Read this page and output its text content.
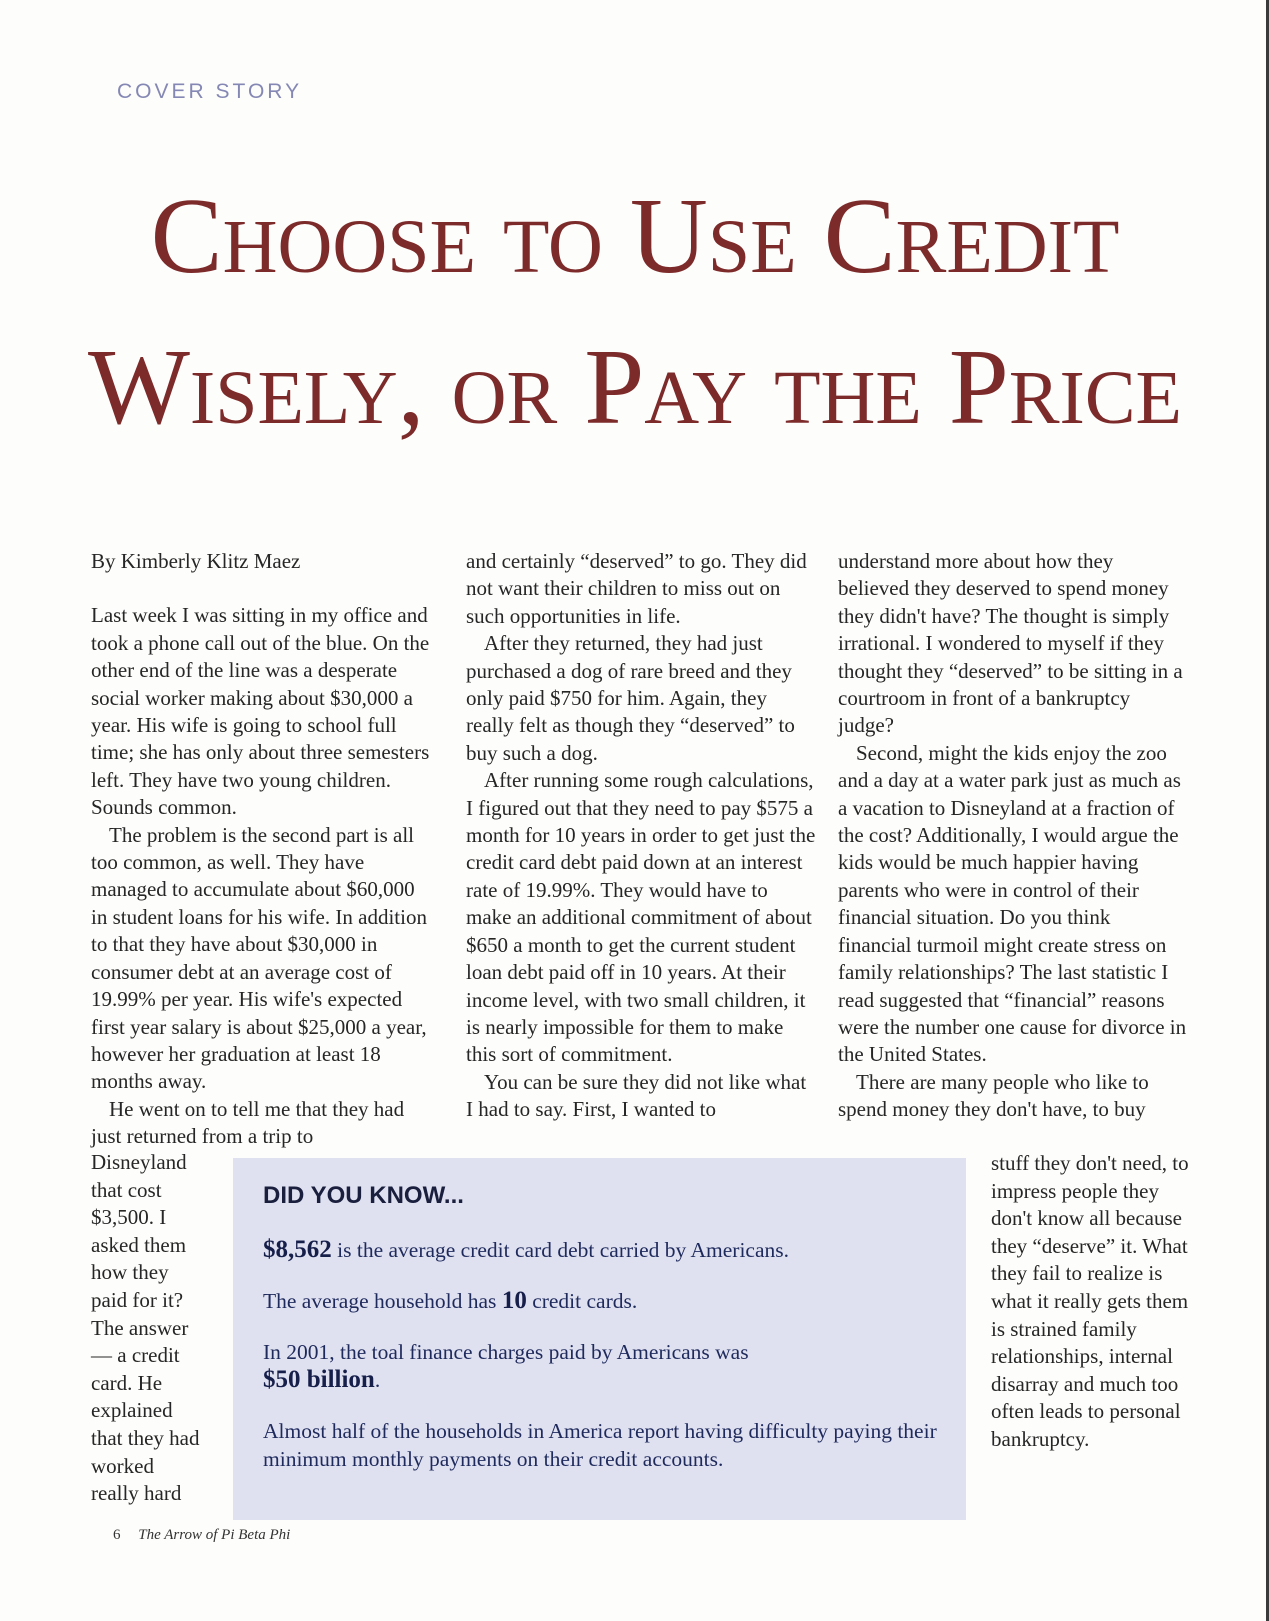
COVER STORY
Choose to Use Credit
Wisely, or Pay the Price

By Kimberly Klitz Maez

Last week I was sitting in my office and took a phone call out of the blue. On the other end of the line was a desperate social worker making about $30,000 a year. His wife is going to school full time; she has only about three semesters left. They have two young children. Sounds common.

The problem is the second part is all too common, as well. They have managed to accumulate about $60,000 in student loans for his wife. In addition to that they have about $30,000 in consumer debt at an average cost of 19.99% per year. His wife's expected first year salary is about $25,000 a year, however her graduation at least 18 months away.

He went on to tell me that they had just returned from a trip to

Disneyland that cost $3,500. I asked them how they paid for it? The answer — a credit card. He explained that they had worked really hard

and certainly “deserved” to go. They did not want their children to miss out on such opportunities in life.

After they returned, they had just purchased a dog of rare breed and they only paid $750 for him. Again, they really felt as though they “deserved” to buy such a dog.

After running some rough calculations, I figured out that they need to pay $575 a month for 10 years in order to get just the credit card debt paid down at an interest rate of 19.99%. They would have to make an additional commitment of about $650 a month to get the current student loan debt paid off in 10 years. At their income level, with two small children, it is nearly impossible for them to make this sort of commitment.

You can be sure they did not like what I had to say. First, I wanted to

understand more about how they believed they deserved to spend money they didn't have? The thought is simply irrational. I wondered to myself if they thought they “deserved” to be sitting in a courtroom in front of a bankruptcy judge?

Second, might the kids enjoy the zoo and a day at a water park just as much as a vacation to Disneyland at a fraction of the cost? Additionally, I would argue the kids would be much happier having parents who were in control of their financial situation. Do you think financial turmoil might create stress on family relationships? The last statistic I read suggested that “financial” reasons were the number one cause for divorce in the United States.

There are many people who like to spend money they don't have, to buy

stuff they don't need, to impress people they don't know all because they “deserve” it. What they fail to realize is what it really gets them is strained family relationships, internal disarray and much too often leads to personal bankruptcy.

DID YOU KNOW...

$8,562 is the average credit card debt carried by Americans.

The average household has 10 credit cards.

In 2001, the toal finance charges paid by Americans was
$50 billion.

Almost half of the households in America report having difficulty paying their minimum monthly payments on their credit accounts.

6 The Arrow of Pi Beta Phi
